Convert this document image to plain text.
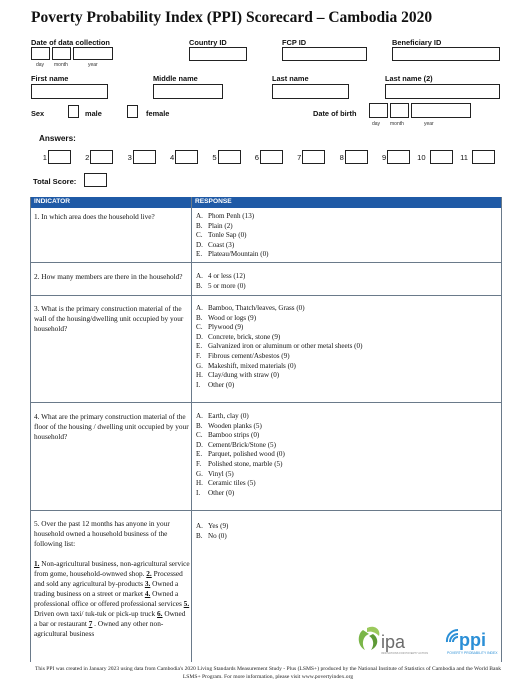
Poverty Probability Index (PPI) Scorecard – Cambodia 2020
Date of data collection	Country ID	FCP ID	Beneficiary ID
day month	year
First name	Middle name	Last name	Last name (2)
Sex	male	female	Date of birth
day month	year
Answers:
1	2	3	4	5	6	7	8	9	10	11
Total Score:
INDICATOR	RESPONSE
1. In which area does the household live?	A. Phom Penh (13)
B. Plain (2)
C. Tonle Sap (0)
D. Coast (3)
E. Plateau/Mountain (0)
2. How many members are there in the household?	A. 4 or less (12)
B. 5 or more (0)
3. What is the primary construction material of the wall of the housing/dwelling unit occupied by your household?
A. Bamboo, Thatch/leaves, Grass (0)
B. Wood or logs (9)
C. Plywood (9)
D. Concrete, brick, stone (9)
E. Galvanized iron or aluminum or other metal sheets (0)
F. Fibrous cement/Asbestos (9)
G. Makeshift, mixed materials (0)
H. Clay/dung with straw (0)
I. Other (0)
4. What are the primary construction material of the floor of the housing / dwelling unit occupied by your household?
A. Earth, clay (0)
B. Wooden planks (5)
C. Bamboo strips (0)
D. Cement/Brick/Stone (5)
E. Parquet, polished wood (0)
F. Polished stone, marble (5)
G. Vinyl (5)
H. Ceramic tiles (5)
I. Other (0)

5. Over the past 12 months has anyone in your household owned a household business of the following list:

1. Non-agricultural business, non-agricultural service from gome, household-ownwed shop. 2. Processed and sold any agricultural by-products 3. Owned a trading business on a street or market 4. Owned a professional office or offered professional services 5. Driven own taxi/ tuk-tuk or pick-up truck 6. Owned a bar or restaurant 7 . Owned any other non-agricultural business

A. Yes (9)
B. No (0)
ipa
INNOVATIONS FOR POVERTY ACTION
ppi
POVERTY PROBABILITY INDEX
This PPI was created in January 2023 using data from Cambodia's 2020 Living Standards Measurement Study - Plus (LSMS+) produced by the National Institute of Statistics of Cambodia and the World Bank LSMS+ Program. For more information, please visit www.povertyindex.org
